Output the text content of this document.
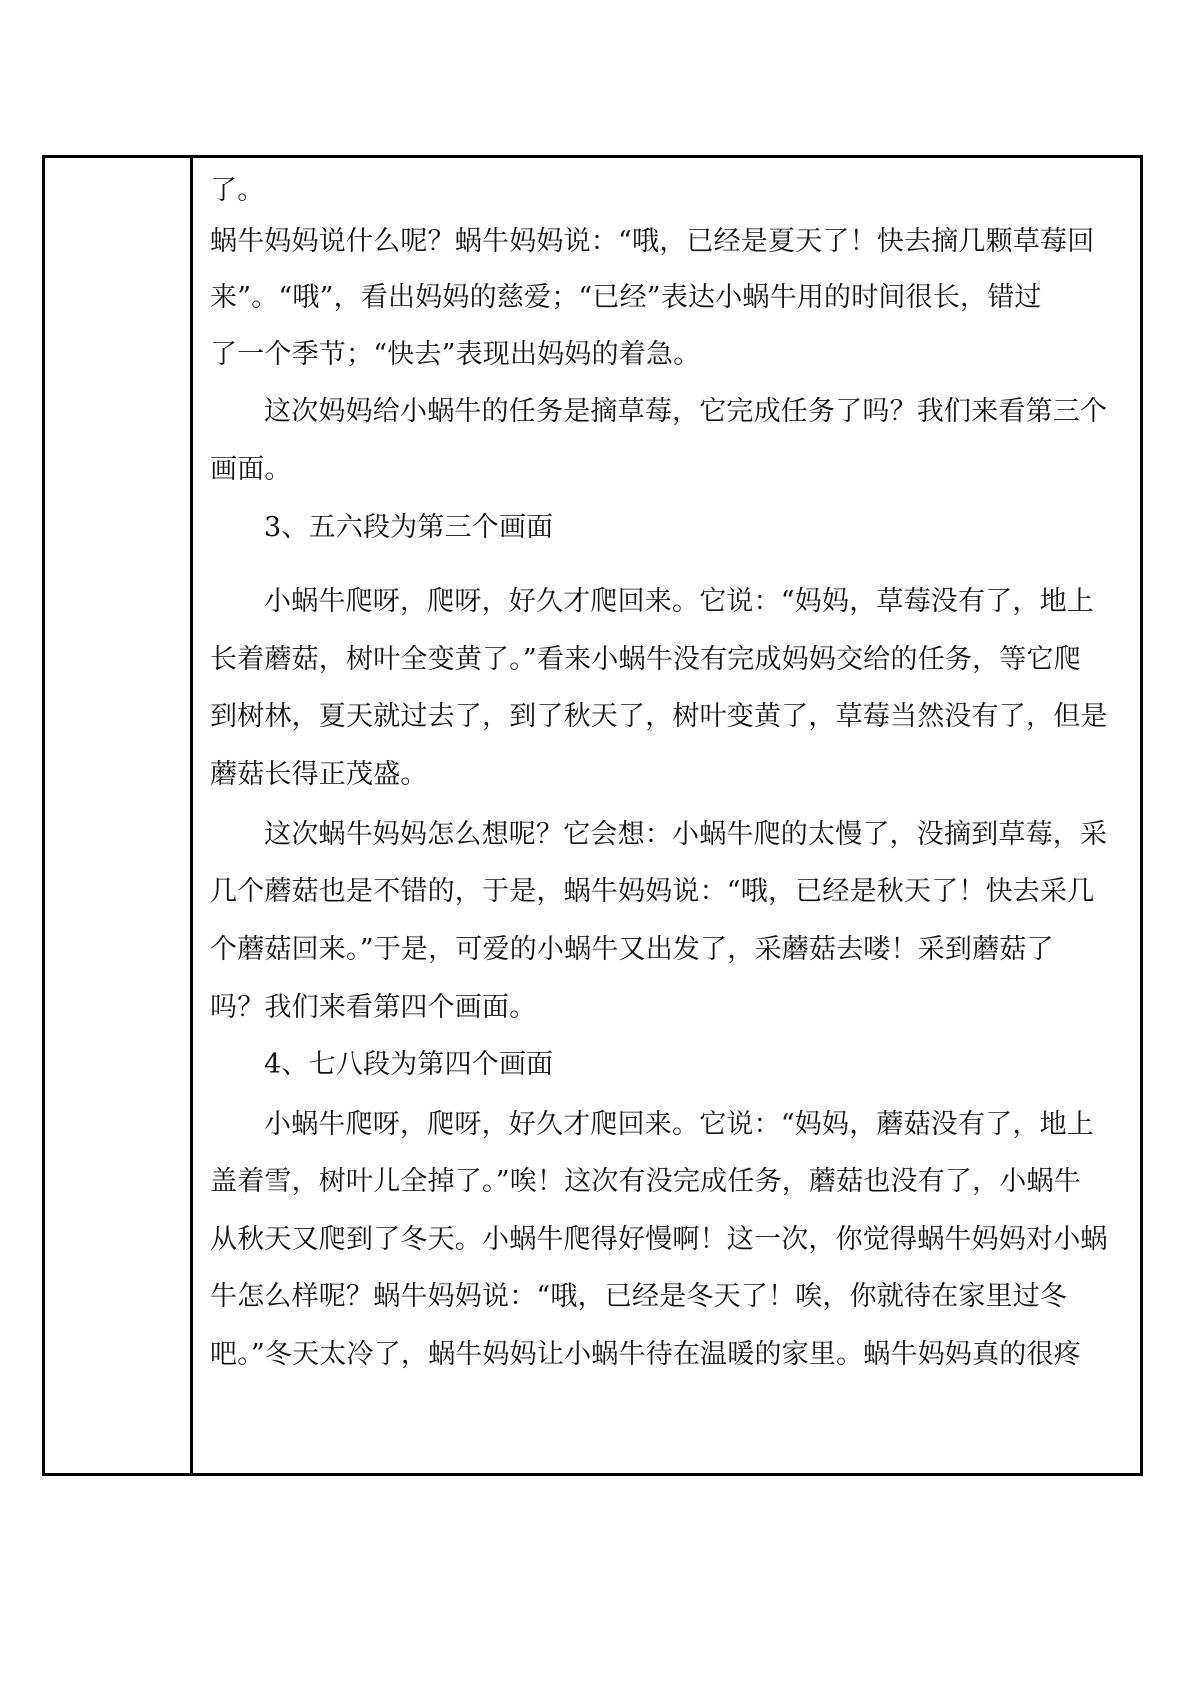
了。
蜗牛妈妈说什么呢？蜗牛妈妈说：“哦，已经是夏天了！快去摘几颗草莓回
来”。“哦”，看出妈妈的慈爱；“已经”表达小蜗牛用的时间很长，错过
了一个季节；“快去”表现出妈妈的着急。
这次妈妈给小蜗牛的任务是摘草莓，它完成任务了吗？我们来看第三个
画面。
3、五六段为第三个画面
小蜗牛爬呀，爬呀，好久才爬回来。它说：“妈妈，草莓没有了，地上
长着蘑菇，树叶全变黄了。”看来小蜗牛没有完成妈妈交给的任务，等它爬
到树林，夏天就过去了，到了秋天了，树叶变黄了，草莓当然没有了，但是
蘑菇长得正茂盛。
这次蜗牛妈妈怎么想呢？它会想：小蜗牛爬的太慢了，没摘到草莓，采
几个蘑菇也是不错的，于是，蜗牛妈妈说：“哦，已经是秋天了！快去采几
个蘑菇回来。”于是，可爱的小蜗牛又出发了，采蘑菇去喽！采到蘑菇了
吗？我们来看第四个画面。
4、七八段为第四个画面
小蜗牛爬呀，爬呀，好久才爬回来。它说：“妈妈，蘑菇没有了，地上
盖着雪，树叶儿全掉了。”唉！这次有没完成任务，蘑菇也没有了，小蜗牛
从秋天又爬到了冬天。小蜗牛爬得好慢啊！这一次，你觉得蜗牛妈妈对小蜗
牛怎么样呢？蜗牛妈妈说：“哦，已经是冬天了！唉，你就待在家里过冬
吧。”冬天太冷了，蜗牛妈妈让小蜗牛待在温暖的家里。蜗牛妈妈真的很疼
